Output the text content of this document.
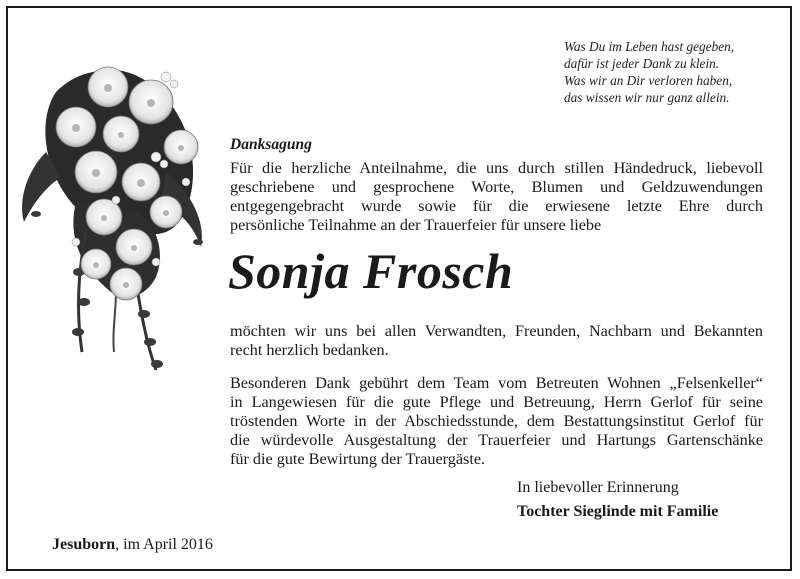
Was Du im Leben hast gegeben,
dafür ist jeder Dank zu klein.
Was wir an Dir verloren haben,
das wissen wir nur ganz allein.
Danksagung
Für die herzliche Anteilnahme, die uns durch stillen Händedruck, liebevoll
geschriebene und gesprochene Worte, Blumen und Geldzuwendungen
entgegengebracht wurde sowie für die erwiesene letzte Ehre durch
persönliche Teilnahme an der Trauerfeier für unsere liebe
Sonja Frosch
möchten wir uns bei allen Verwandten, Freunden, Nachbarn und Bekannten
recht herzlich bedanken.
Besonderen Dank gebührt dem Team vom Betreuten Wohnen „Felsenkeller“
in Langewiesen für die gute Pflege und Betreuung, Herrn Gerlof für seine
tröstenden Worte in der Abschiedsstunde, dem Bestattungsinstitut Gerlof für
die würdevolle Ausgestaltung der Trauerfeier und Hartungs Gartenschänke
für die gute Bewirtung der Trauergäste.
In liebevoller Erinnerung
Tochter Sieglinde mit Familie
Jesuborn, im April 2016
